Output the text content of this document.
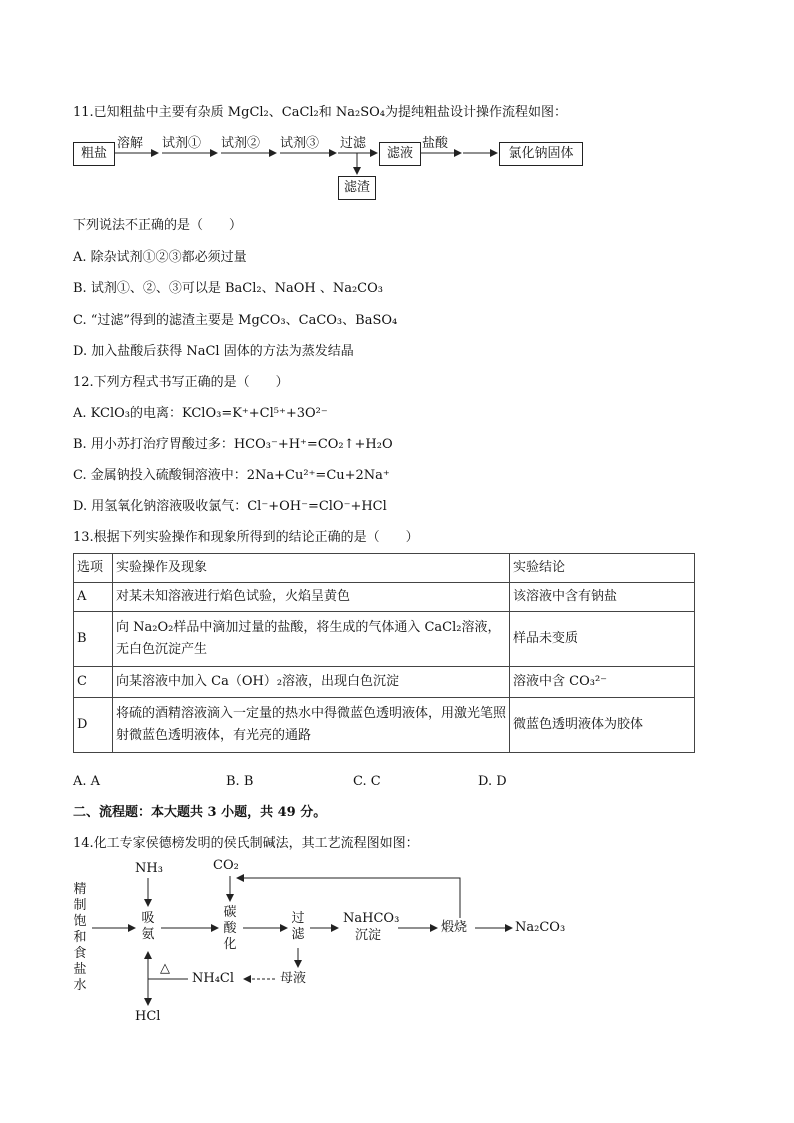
11.已知粗盐中主要有杂质 MgCl₂、CaCl₂和 Na₂SO₄为提纯粗盐设计操作流程如图：
粗盐
溶解 试剂① 试剂② 试剂③ 过滤
滤液
盐酸
氯化钠固体
滤渣
下列说法不正确的是（　　）
A. 除杂试剂①②③都必须过量
B. 试剂①、②、③可以是 BaCl₂、NaOH 、Na₂CO₃
C. “过滤”得到的滤渣主要是 MgCO₃、CaCO₃、BaSO₄
D. 加入盐酸后获得 NaCl 固体的方法为蒸发结晶
12.下列方程式书写正确的是（　　）
A. KClO₃的电离：KClO₃=K⁺+Cl⁵⁺+3O²⁻
B. 用小苏打治疗胃酸过多：HCO₃⁻+H⁺=CO₂↑+H₂O
C. 金属钠投入硫酸铜溶液中：2Na+Cu²⁺=Cu+2Na⁺
D. 用氢氧化钠溶液吸收氯气：Cl⁻+OH⁻=ClO⁻+HCl
13.根据下列实验操作和现象所得到的结论正确的是（　　）
选项	实验操作及现象	实验结论
A	对某未知溶液进行焰色试验，火焰呈黄色	该溶液中含有钠盐
B	向 Na₂O₂样品中滴加过量的盐酸，将生成的气体通入 CaCl₂溶液，无白色沉淀产生	样品未变质
C	向某溶液中加入 Ca（OH）₂溶液，出现白色沉淀	溶液中含 CO₃²⁻
D	将硫的酒精溶液滴入一定量的热水中得微蓝色透明液体，用激光笔照射微蓝色透明液体，有光亮的通路	微蓝色透明液体为胶体
A. A	B. B	C. C	D. D
二、流程题：本大题共 3 小题，共 49 分。
14.化工专家侯德榜发明的侯氏制碱法，其工艺流程图如图：
精制饱和食盐水
NH₃	CO₂
吸氨
碳酸化
过滤
NaHCO₃
沉淀
煅烧	Na₂CO₃
△
NH₄Cl	母液
HCl
